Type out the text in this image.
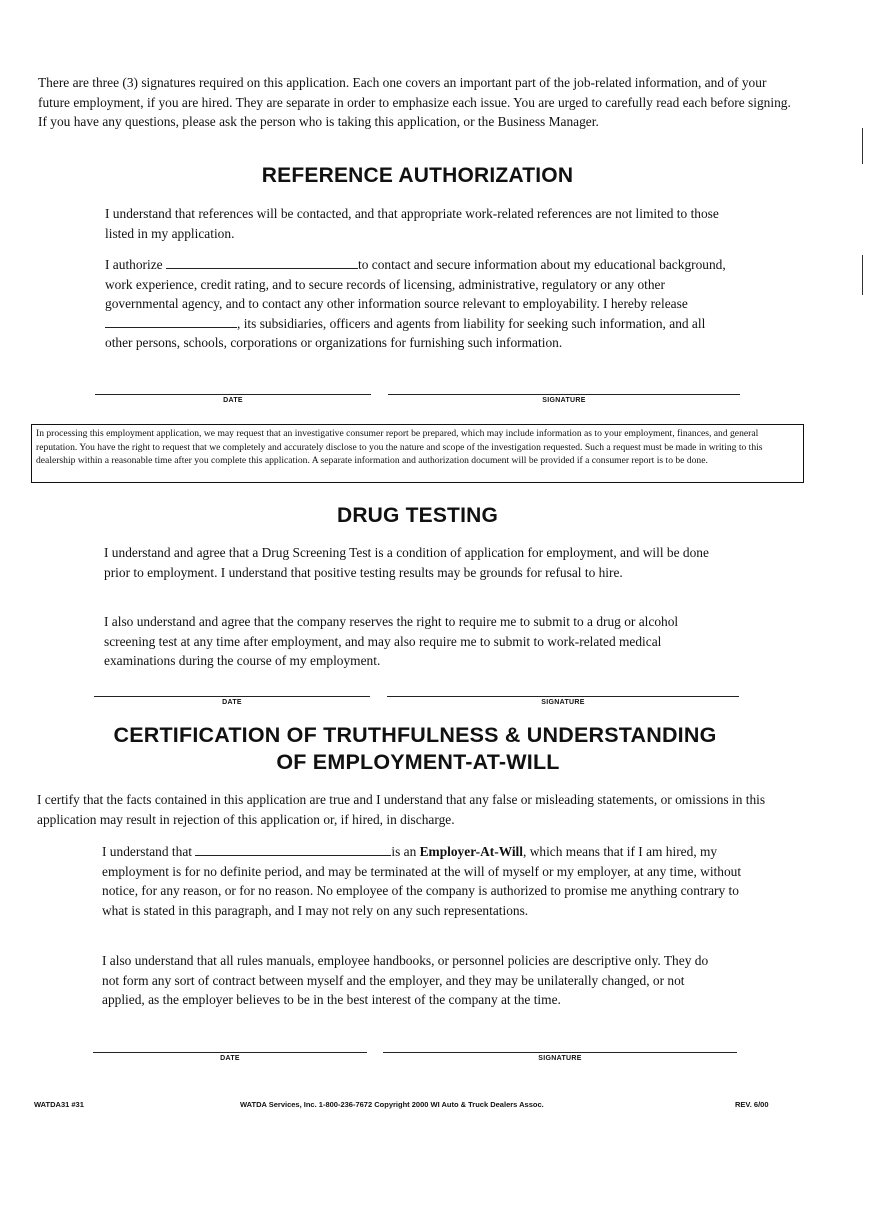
There are three (3) signatures required on this application. Each one covers an important part of the job-related information, and of your future employment, if you are hired. They are separate in order to emphasize each issue. You are urged to carefully read each before signing. If you have any questions, please ask the person who is taking this application, or the Business Manager.
REFERENCE AUTHORIZATION
I understand that references will be contacted, and that appropriate work-related references are not limited to those listed in my application.
I authorize	to contact and secure information about my educational background, work experience, credit rating, and to secure records of licensing, administrative, regulatory or any other governmental agency, and to contact any other information source relevant to employability. I hereby release , its subsidiaries, officers and agents from liability for seeking such information, and all other persons, schools, corporations or organizations for furnishing such information.
DATE	SIGNATURE
In processing this employment application, we may request that an investigative consumer report be prepared, which may include information as to your employment, finances, and general reputation. You have the right to request that we completely and accurately disclose to you the nature and scope of the investigation requested. Such a request must be made in writing to this dealership within a reasonable time after you complete this application. A separate information and authorization document will be provided if a consumer report is to be done.
DRUG TESTING
I understand and agree that a Drug Screening Test is a condition of application for employment, and will be done prior to employment. I understand that positive testing results may be grounds for refusal to hire.
I also understand and agree that the company reserves the right to require me to submit to a drug or alcohol screening test at any time after employment, and may also require me to submit to work-related medical examinations during the course of my employment.
DATE	SIGNATURE
CERTIFICATION OF TRUTHFULNESS & UNDERSTANDING
OF EMPLOYMENT-AT-WILL
I certify that the facts contained in this application are true and I understand that any false or misleading statements, or omissions in this application may result in rejection of this application or, if hired, in discharge.
I understand that	is an Employer-At-Will, which means that if I am hired, my employment is for no definite period, and may be terminated at the will of myself or my employer, at any time, without notice, for any reason, or for no reason. No employee of the company is authorized to promise me anything contrary to what is stated in this paragraph, and I may not rely on any such representations.
I also understand that all rules manuals, employee handbooks, or personnel policies are descriptive only. They do not form any sort of contract between myself and the employer, and they may be unilaterally changed, or not applied, as the employer believes to be in the best interest of the company at the time.
DATE	SIGNATURE
WATDA31 #31	WATDA Services, Inc. 1-800-236-7672 Copyright 2000 WI Auto & Truck Dealers Assoc.	REV. 6/00
